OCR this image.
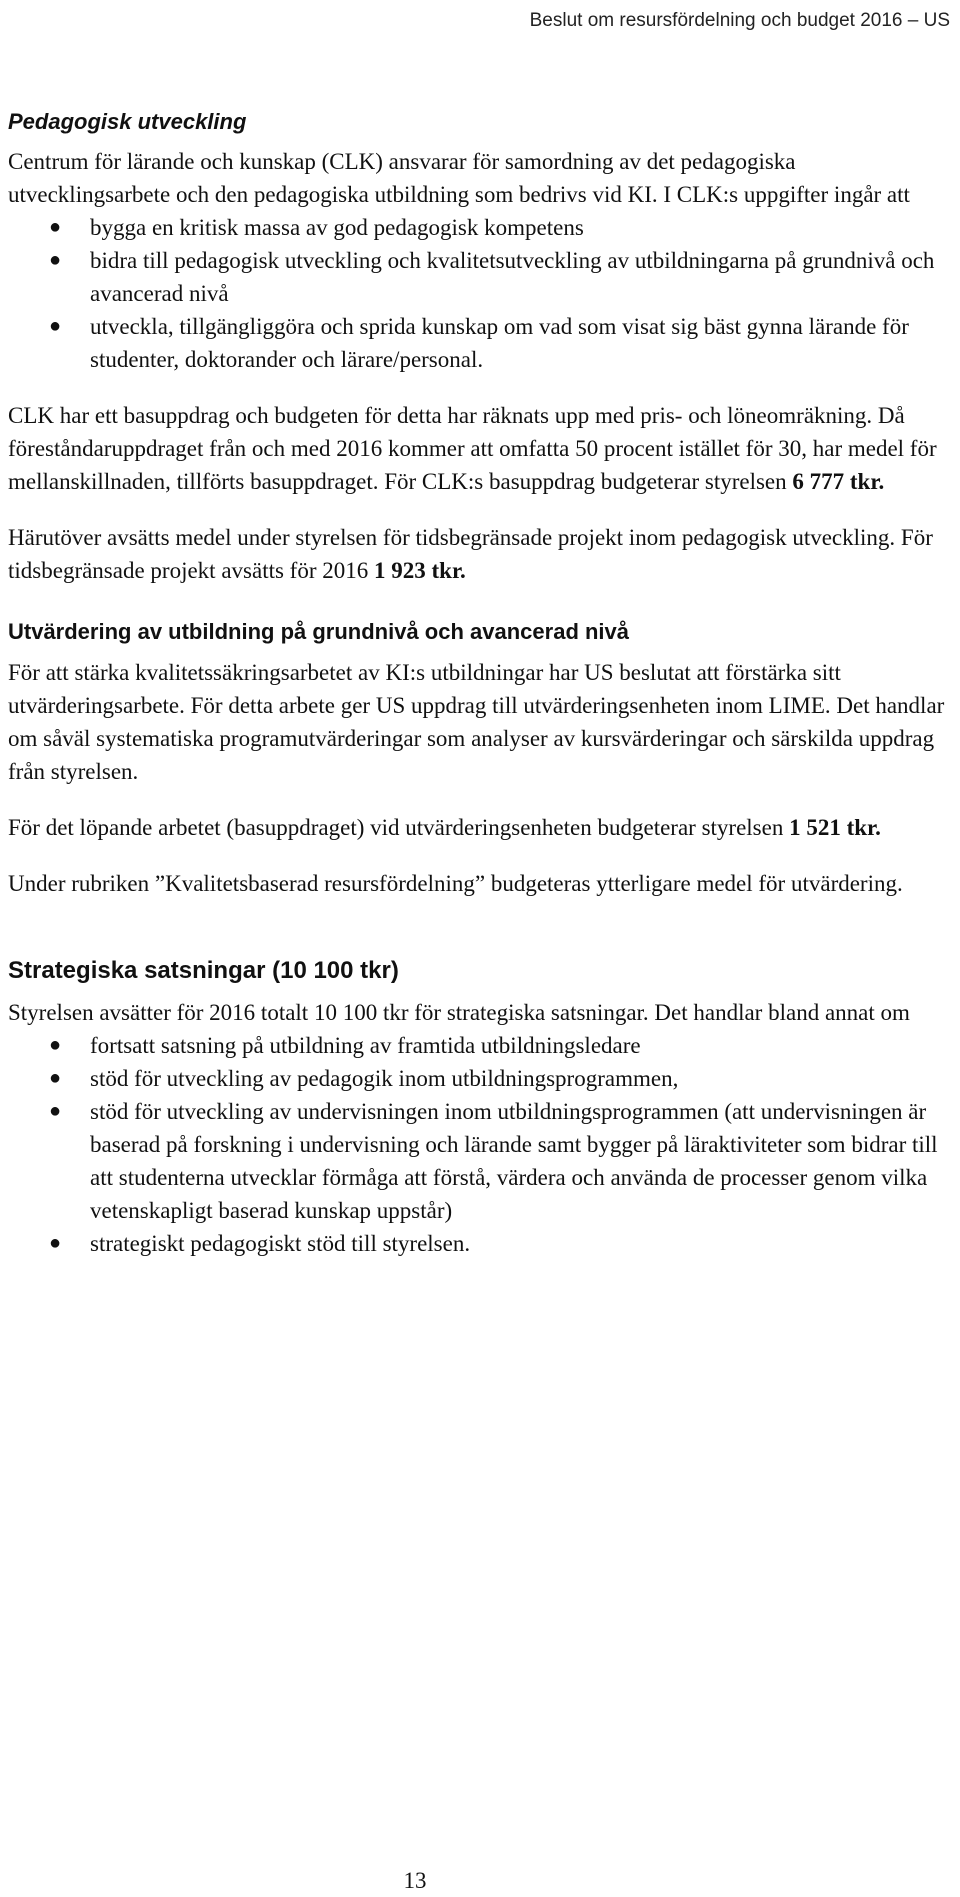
Beslut om resursfördelning och budget 2016 – US

Pedagogisk utveckling

Centrum för lärande och kunskap (CLK) ansvarar för samordning av det pedagogiska utvecklingsarbete och den pedagogiska utbildning som bedrivs vid KI. I CLK:s uppgifter ingår att

● bygga en kritisk massa av god pedagogisk kompetens
● bidra till pedagogisk utveckling och kvalitetsutveckling av utbildningarna på grundnivå och avancerad nivå
● utveckla, tillgängliggöra och sprida kunskap om vad som visat sig bäst gynna lärande för studenter, doktorander och lärare/personal.

CLK har ett basuppdrag och budgeten för detta har räknats upp med pris- och löneomräkning. Då föreståndaruppdraget från och med 2016 kommer att omfatta 50 procent istället för 30, har medel för mellanskillnaden, tillförts basuppdraget. För CLK:s basuppdrag budgeterar styrelsen 6 777 tkr.

Härutöver avsätts medel under styrelsen för tidsbegränsade projekt inom pedagogisk utveckling. För tidsbegränsade projekt avsätts för 2016 1 923 tkr.

Utvärdering av utbildning på grundnivå och avancerad nivå

För att stärka kvalitetssäkringsarbetet av KI:s utbildningar har US beslutat att förstärka sitt utvärderingsarbete. För detta arbete ger US uppdrag till utvärderingsenheten inom LIME. Det handlar om såväl systematiska programutvärderingar som analyser av kursvärderingar och särskilda uppdrag från styrelsen.

För det löpande arbetet (basuppdraget) vid utvärderingsenheten budgeterar styrelsen 1 521 tkr.

Under rubriken ”Kvalitetsbaserad resursfördelning” budgeteras ytterligare medel för utvärdering.

Strategiska satsningar (10 100 tkr)

Styrelsen avsätter för 2016 totalt 10 100 tkr för strategiska satsningar. Det handlar bland annat om

● fortsatt satsning på utbildning av framtida utbildningsledare
● stöd för utveckling av pedagogik inom utbildningsprogrammen,
● stöd för utveckling av undervisningen inom utbildningsprogrammen (att undervisningen är baserad på forskning i undervisning och lärande samt bygger på läraktiviteter som bidrar till att studenterna utvecklar förmåga att förstå, värdera och använda de processer genom vilka vetenskapligt baserad kunskap uppstår)
● strategiskt pedagogiskt stöd till styrelsen.

13
